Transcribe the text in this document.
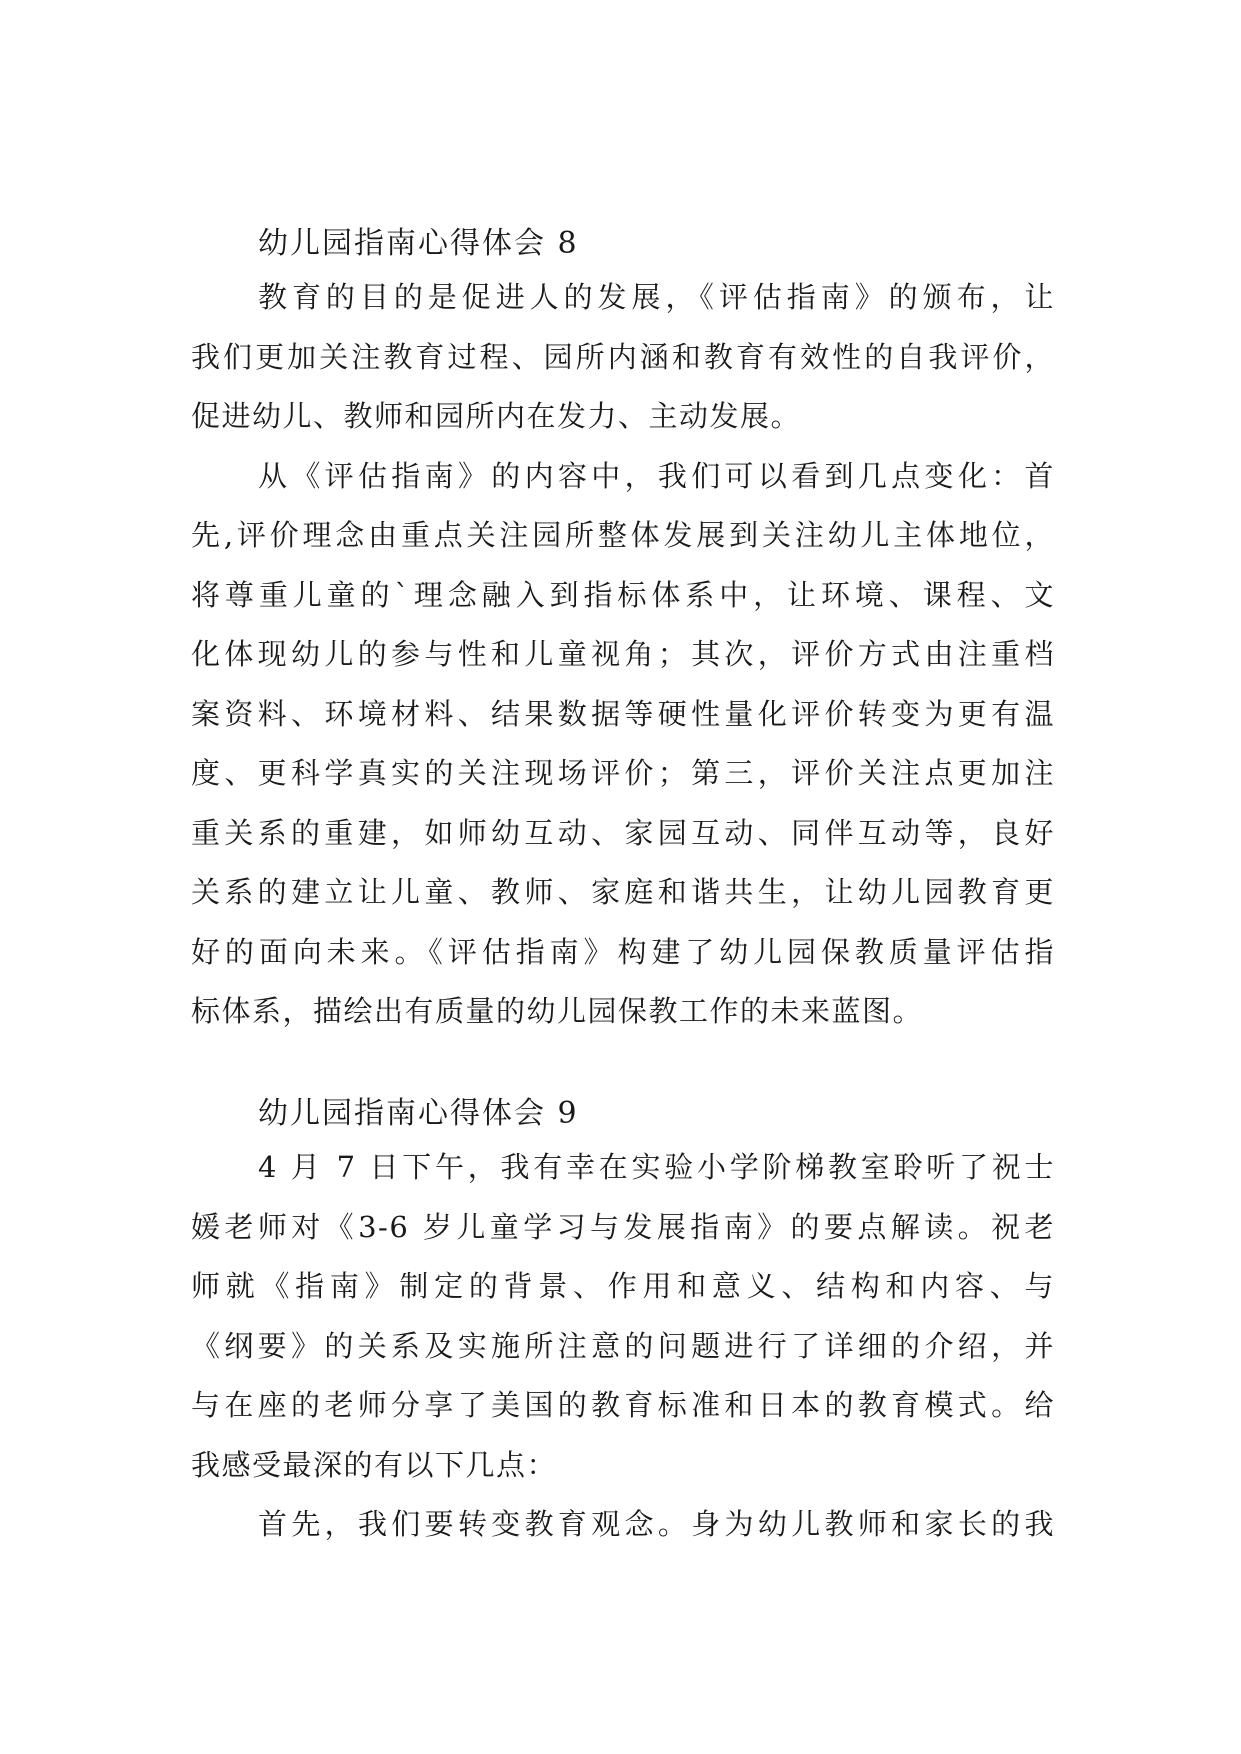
幼儿园指南心得体会 8

教育的目的是促进人的发展，《评估指南》的颁布，让
我们更加关注教育过程、园所内涵和教育有效性的自我评价，
促进幼儿、教师和园所内在发力、主动发展。

从《评估指南》的内容中，我们可以看到几点变化：首
先,评价理念由重点关注园所整体发展到关注幼儿主体地位，
将尊重儿童的`理念融入到指标体系中，让环境、课程、文
化体现幼儿的参与性和儿童视角；其次，评价方式由注重档
案资料、环境材料、结果数据等硬性量化评价转变为更有温
度、更科学真实的关注现场评价；第三，评价关注点更加注
重关系的重建，如师幼互动、家园互动、同伴互动等，良好
关系的建立让儿童、教师、家庭和谐共生，让幼儿园教育更
好的面向未来。《评估指南》构建了幼儿园保教质量评估指
标体系，描绘出有质量的幼儿园保教工作的未来蓝图。

幼儿园指南心得体会 9

4 月 7 日下午，我有幸在实验小学阶梯教室聆听了祝士
媛老师对《3-6 岁儿童学习与发展指南》的要点解读。祝老
师就《指南》制定的背景、作用和意义、结构和内容、与
《纲要》的关系及实施所注意的问题进行了详细的介绍，并
与在座的老师分享了美国的教育标准和日本的教育模式。给
我感受最深的有以下几点：

首先，我们要转变教育观念。身为幼儿教师和家长的我
